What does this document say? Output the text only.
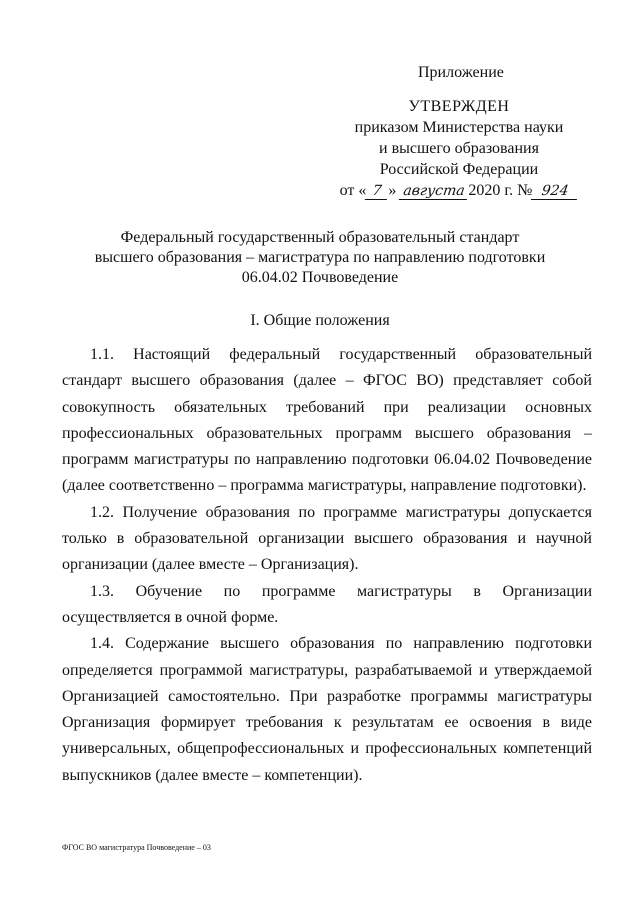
Приложение
УТВЕРЖДЕН
приказом Министерства науки
и высшего образования
Российской Федерации
от « 7 » августа 2020 г. № 924
Федеральный государственный образовательный стандарт
высшего образования – магистратура по направлению подготовки
06.04.02 Почвоведение
I. Общие положения

1.1. Настоящий федеральный государственный образовательный стандарт высшего образования (далее – ФГОС ВО) представляет собой совокупность обязательных требований при реализации основных профессиональных образовательных программ высшего образования – программ магистратуры по направлению подготовки 06.04.02 Почвоведение (далее соответственно – программа магистратуры, направление подготовки).

1.2. Получение образования по программе магистратуры допускается только в образовательной организации высшего образования и научной организации (далее вместе – Организация).

1.3. Обучение по программе магистратуры в Организации осуществляется в очной форме.

1.4. Содержание высшего образования по направлению подготовки определяется программой магистратуры, разрабатываемой и утверждаемой Организацией самостоятельно. При разработке программы магистратуры Организация формирует требования к результатам ее освоения в виде универсальных, общепрофессиональных и профессиональных компетенций выпускников (далее вместе – компетенции).

ФГОС ВО магистратура Почвоведение – 03
